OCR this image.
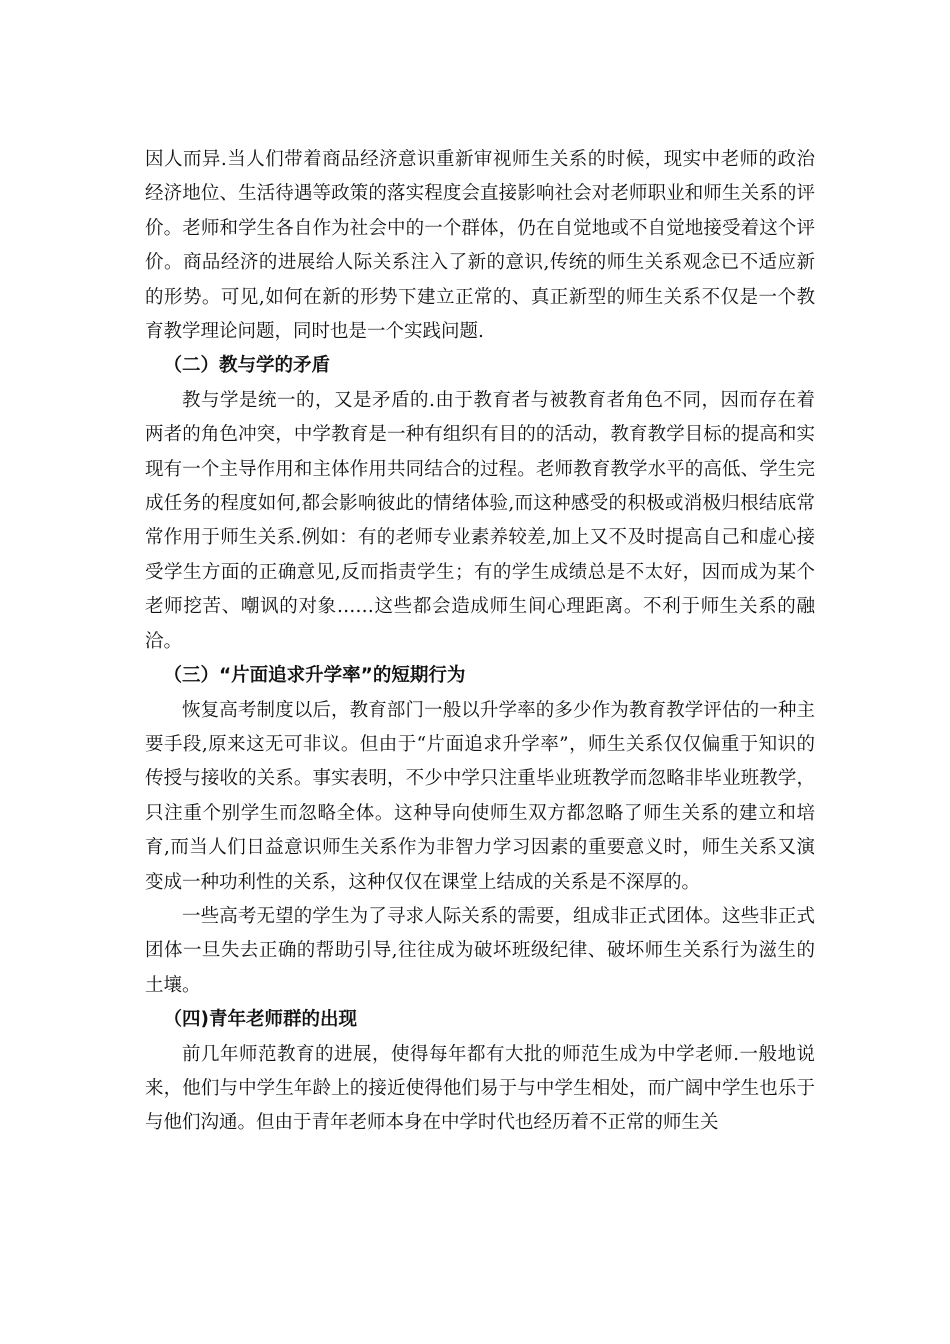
因人而异.当人们带着商品经济意识重新审视师生关系的时候，现实中老师的政治经济地位、生活待遇等政策的落实程度会直接影响社会对老师职业和师生关系的评价。老师和学生各自作为社会中的一个群体，仍在自觉地或不自觉地接受着这个评价。商品经济的进展给人际关系注入了新的意识,传统的师生关系观念已不适应新的形势。可见,如何在新的形势下建立正常的、真正新型的师生关系不仅是一个教育教学理论问题，同时也是一个实践问题.

（二）教与学的矛盾

教与学是统一的，又是矛盾的.由于教育者与被教育者角色不同，因而存在着两者的角色冲突，中学教育是一种有组织有目的的活动，教育教学目标的提高和实现有一个主导作用和主体作用共同结合的过程。老师教育教学水平的高低、学生完成任务的程度如何,都会影响彼此的情绪体验,而这种感受的积极或消极归根结底常常作用于师生关系.例如：有的老师专业素养较差,加上又不及时提高自己和虚心接受学生方面的正确意见,反而指责学生；有的学生成绩总是不太好，因而成为某个老师挖苦、嘲讽的对象……这些都会造成师生间心理距离。不利于师生关系的融洽。

（三）“片面追求升学率”的短期行为

恢复高考制度以后，教育部门一般以升学率的多少作为教育教学评估的一种主要手段,原来这无可非议。但由于“片面追求升学率”，师生关系仅仅偏重于知识的传授与接收的关系。事实表明，不少中学只注重毕业班教学而忽略非毕业班教学，只注重个别学生而忽略全体。这种导向使师生双方都忽略了师生关系的建立和培育,而当人们日益意识师生关系作为非智力学习因素的重要意义时，师生关系又演变成一种功利性的关系，这种仅仅在课堂上结成的关系是不深厚的。

一些高考无望的学生为了寻求人际关系的需要，组成非正式团体。这些非正式团体一旦失去正确的帮助引导,往往成为破坏班级纪律、破坏师生关系行为滋生的土壤。

（四)青年老师群的出现

前几年师范教育的进展，使得每年都有大批的师范生成为中学老师.一般地说来，他们与中学生年龄上的接近使得他们易于与中学生相处，而广阔中学生也乐于与他们沟通。但由于青年老师本身在中学时代也经历着不正常的师生关
